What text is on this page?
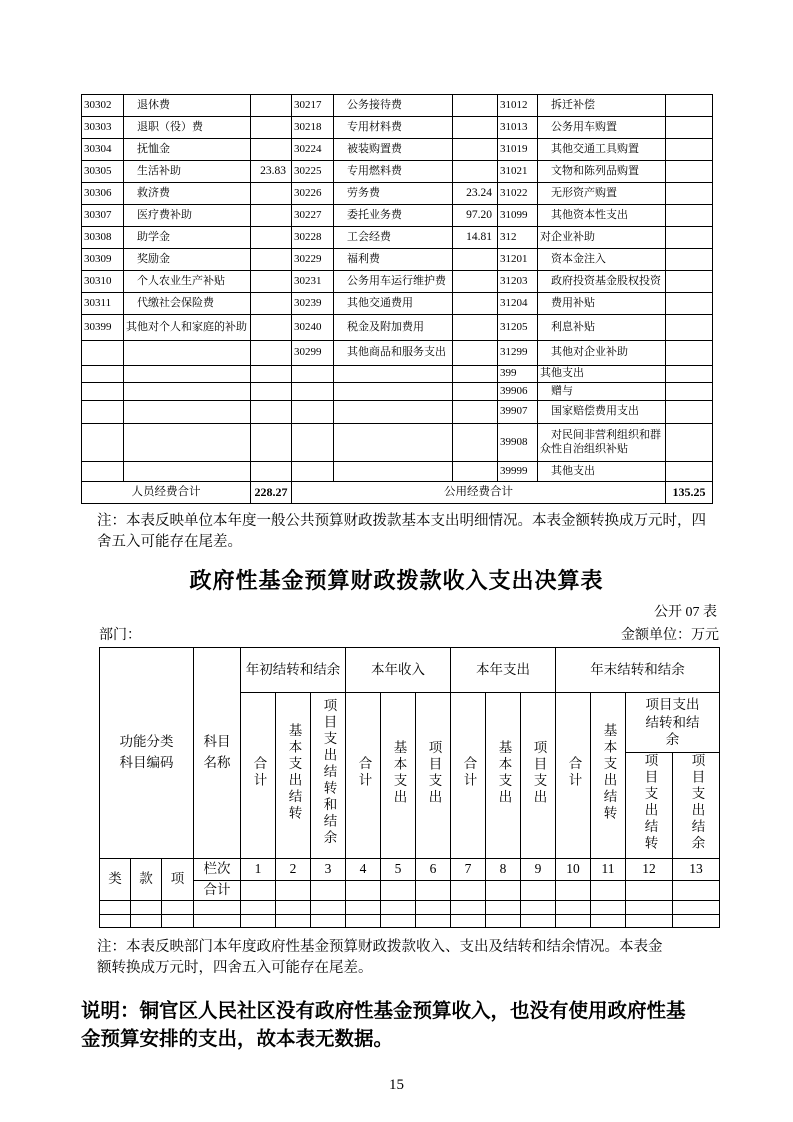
30302	　退休费		30217	　公务接待费		31012	　拆迁补偿	
30303	　退职（役）费		30218	　专用材料费		31013	　公务用车购置	
30304	　抚恤金		30224	　被装购置费		31019	　其他交通工具购置	
30305	　生活补助	23.83	30225	　专用燃料费		31021	　文物和陈列品购置	
30306	　救济费		30226	　劳务费	23.24	31022	　无形资产购置	
30307	　医疗费补助		30227	　委托业务费	97.20	31099	　其他资本性支出	
30308	　助学金		30228	　工会经费	14.81	312	对企业补助	
30309	　奖励金		30229	　福利费		31201	　资本金注入	
30310	　个人农业生产补贴		30231	　公务用车运行维护费		31203	　政府投资基金股权投资	
30311	　代缴社会保险费		30239	　其他交通费用		31204	　费用补贴	
30399	其他对个人和家庭的补助		30240	　税金及附加费用		31205	　利息补贴	
			30299	　其他商品和服务支出		31299	　其他对企业补助	
						399	其他支出	
						39906	　赠与	
						39907	　国家赔偿费用支出	
						39908	　对民间非营利组织和群众性自治组织补贴	
						39999	　其他支出	
人员经费合计		228.27	公用经费合计					135.25

注：本表反映单位本年度一般公共预算财政拨款基本支出明细情况。本表金额转换成万元时，四舍五入可能存在尾差。

政府性基金预算财政拨款收入支出决算表
公开 07 表
部门：	金额单位：万元
功能分类科目编码			科目名称	年初结转和结余			本年收入			本年支出			年末结转和结余			
				合计	基本支出结转	项目支出结转和结余	合计	基本支出	项目支出	合计	基本支出	项目支出	合计	基本支出结转	项目支出结转和结余	
															项目支出结转	项目支出结余
类	款	项	栏次	1	2	3	4	5	6	7	8	9	10	11	12	13
			合计													

注：本表反映部门本年度政府性基金预算财政拨款收入、支出及结转和结余情况。本表金额转换成万元时，四舍五入可能存在尾差。

说明：铜官区人民社区没有政府性基金预算收入，也没有使用政府性基金预算安排的支出，故本表无数据。

15
